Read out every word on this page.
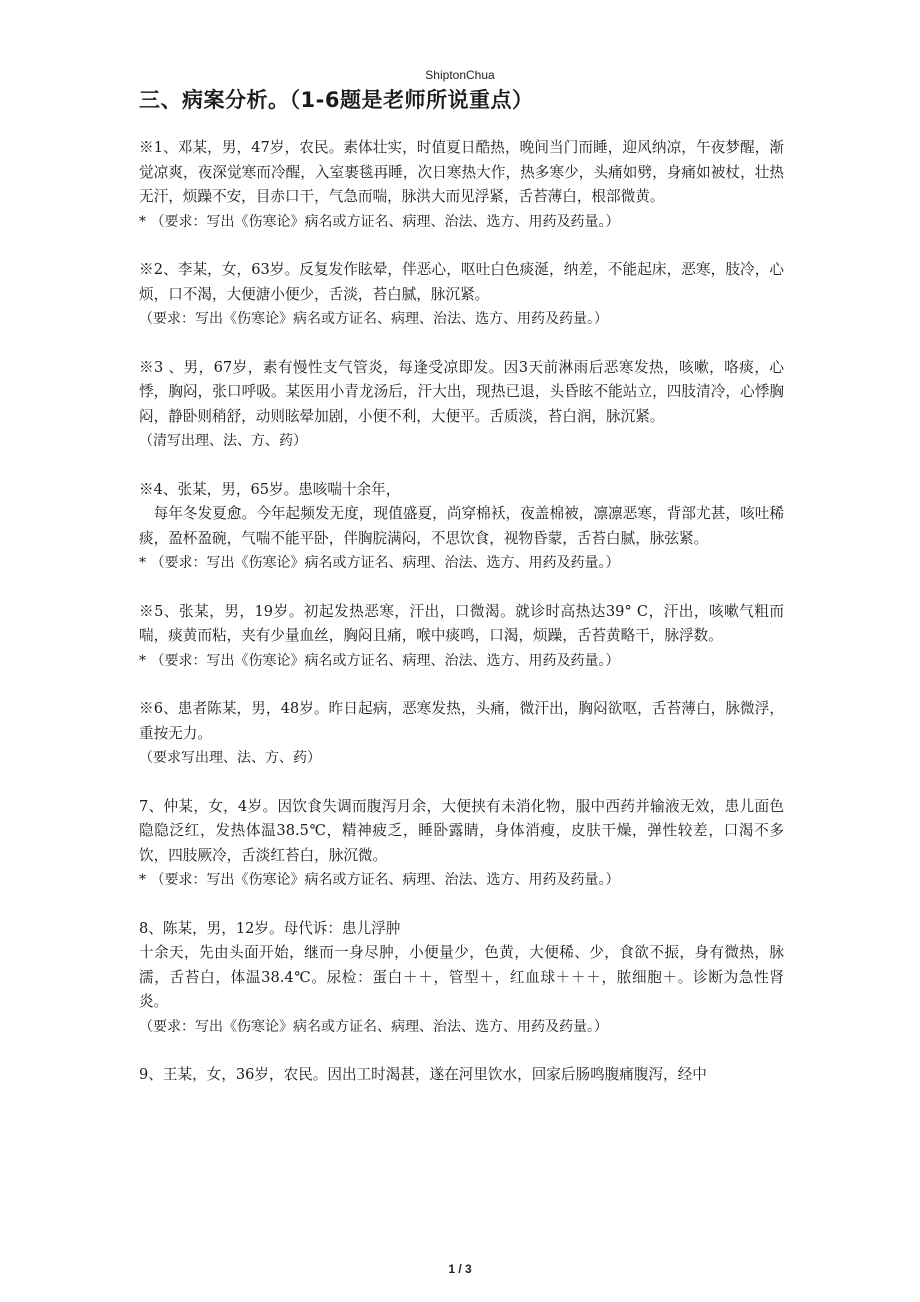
ShiptonChua
三、病案分析。（1-6题是老师所说重点）

※1、邓某，男，47岁，农民。素体壮实，时值夏日酷热，晚间当门而睡，迎风纳凉，午夜梦醒，渐觉凉爽，夜深觉寒而冷醒，入室裹毯再睡，次日寒热大作，热多寒少，头痛如劈，身痛如被杖，壮热无汗，烦躁不安，目赤口干，气急而喘，脉洪大而见浮紧，舌苔薄白，根部微黄。

* （要求：写出《伤寒论》病名或方证名、病理、治法、选方、用药及药量。）

※2、李某，女，63岁。反复发作眩晕，伴恶心，呕吐白色痰涎，纳差，不能起床，恶寒，肢冷，心烦，口不渴，大便溏小便少，舌淡，苔白腻，脉沉紧。

（要求：写出《伤寒论》病名或方证名、病理、治法、选方、用药及药量。）

※3 、男，67岁，素有慢性支气管炎，每逢受凉即发。因3天前淋雨后恶寒发热，咳嗽，咯痰，心悸，胸闷，张口呼吸。某医用小青龙汤后，汗大出，现热已退，头昏眩不能站立，四肢清冷，心悸胸闷，静卧则稍舒，动则眩晕加剧，小便不利，大便平。舌质淡，苔白润，脉沉紧。

（清写出理、法、方、药）

※4、张某，男，65岁。患咳喘十余年，

每年冬发夏愈。今年起频发无度，现值盛夏，尚穿棉袄，夜盖棉被，凛凛恶寒，背部尤甚，咳吐稀痰，盈杯盈碗，气喘不能平卧，伴胸脘满闷，不思饮食，视物昏蒙，舌苔白腻，脉弦紧。

* （要求：写出《伤寒论》病名或方证名、病理、治法、选方、用药及药量。）

※5、张某，男，19岁。初起发热恶寒，汗出，口微渴。就诊时高热达39° C，汗出，咳嗽气粗而喘，痰黄而粘，夹有少量血丝，胸闷且痛，喉中痰鸣，口渴，烦躁，舌苔黄略干，脉浮数。

* （要求：写出《伤寒论》病名或方证名、病理、治法、选方、用药及药量。）

※6、患者陈某，男，48岁。昨日起病，恶寒发热，头痛，微汗出，胸闷欲呕，舌苔薄白，脉微浮，重按无力。

（要求写出理、法、方、药）

7、仲某，女，4岁。因饮食失调而腹泻月余，大便挟有未消化物，服中西药并输液无效，患儿面色隐隐泛红，发热体温38.5℃，精神疲乏，睡卧露睛，身体消瘦，皮肤干燥，弹性较差，口渴不多饮，四肢厥冷，舌淡红苔白，脉沉微。

* （要求：写出《伤寒论》病名或方证名、病理、治法、选方、用药及药量。）

8、陈某，男，12岁。母代诉：患儿浮肿

十余天，先由头面开始，继而一身尽肿，小便量少，色黄，大便稀、少，食欲不振，身有微热，脉濡，舌苔白，体温38.4℃。尿检：蛋白＋＋，管型＋，红血球＋＋＋，脓细胞＋。诊断为急性肾炎。

（要求：写出《伤寒论》病名或方证名、病理、治法、选方、用药及药量。）

9、王某，女，36岁，农民。因出工时渴甚，遂在河里饮水，回家后肠鸣腹痛腹泻，经中

1 / 3
